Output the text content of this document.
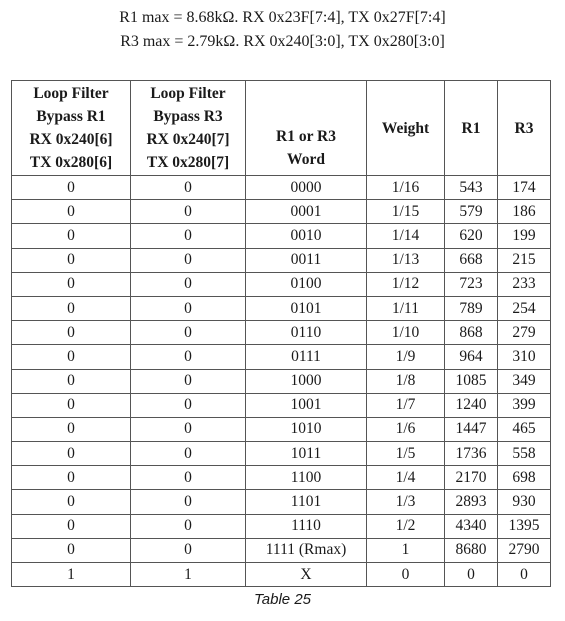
R1 max = 8.68kΩ. RX 0x23F[7:4], TX 0x27F[7:4]
R3 max = 2.79kΩ. RX 0x240[3:0], TX 0x280[3:0]
Loop Filter
Bypass R1
RX 0x240[6]
TX 0x280[6]	Loop Filter
Bypass R3
RX 0x240[7]
TX 0x280[7]	R1 or R3
Word	Weight	R1	R3

0	0	0000	1/16	543	174
0	0	0001	1/15	579	186
0	0	0010	1/14	620	199
0	0	0011	1/13	668	215
0	0	0100	1/12	723	233
0	0	0101	1/11	789	254
0	0	0110	1/10	868	279
0	0	0111	1/9	964	310
0	0	1000	1/8	1085	349
0	0	1001	1/7	1240	399
0	0	1010	1/6	1447	465
0	0	1011	1/5	1736	558
0	0	1100	1/4	2170	698
0	0	1101	1/3	2893	930
0	0	1110	1/2	4340	1395
0	0	1111 (Rmax)	1	8680	2790
1	1	X	0	0	0
Table 25
